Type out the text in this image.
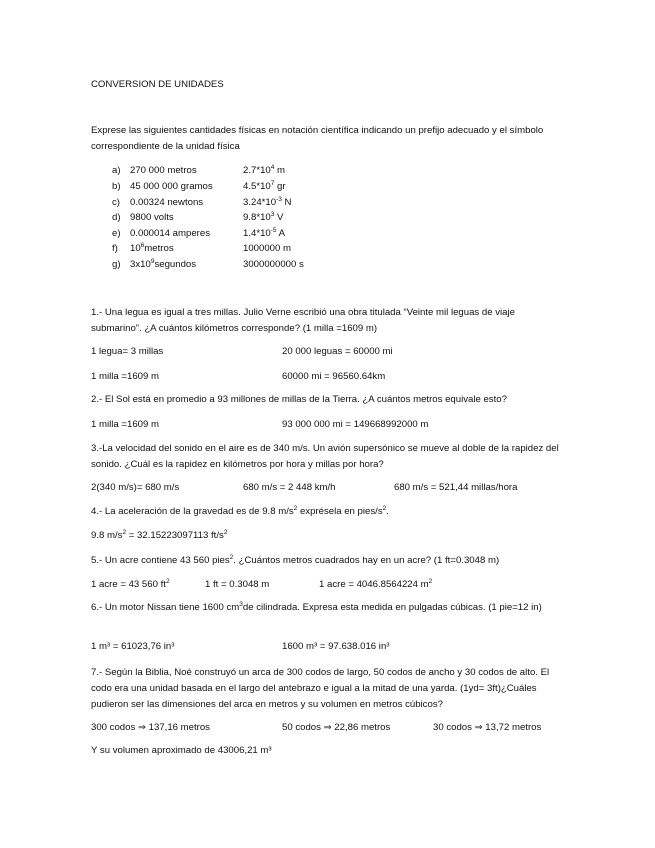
CONVERSION DE UNIDADES
Exprese las siguientes cantidades físicas en notación científica indicando un prefijo adecuado y el símbolo correspondiente de la unidad física
a) 270 000 metros	$2.7*10^4$ m
b) 45 000 000 gramos	$4.5*10^7$ gr
c) 0.00324 newtons	$3.24*10^{-3}$ N
d) 9800 volts	$9.8*10^3$ V
e) 0.000014 amperes	$1.4*10^{-5}$ A
f) $10^6metros$	1000000 m
g) $3x10^9segundos$	3000000000 s
1.- Una legua es igual a tres millas. Julio Verne escribió una obra titulada “Veinte mil leguas de viaje submarino”. ¿A cuántos kilómetros corresponde? (1 milla =1609 m)
1 legua= 3 millas	20 000 leguas = 60000 mi
1 milla =1609 m	60000 mi = 96560.64km
2.- El Sol está en promedio a 93 millones de millas de la Tierra. ¿A cuántos metros equivale esto?
1 milla =1609 m	93 000 000 mi = 149668992000 m
3.-La velocidad del sonido en el aire es de 340 m/s. Un avión supersónico se mueve al doble de la rapidez del sonido. ¿Cuál es la rapidez en kilómetros por hora y millas por hora?
2(340 m/s)= 680 m/s	680 m/s = 2 448 km/h	680 m/s = 521,44 millas/hora
4.- La aceleración de la gravedad es de 9.8 $m/s^2$ exprésela en pies/$s^2$.
9.8 $m/s^2 = 32.15223097113$ $ft/s^2$
5.- Un acre contiene 43 560 pies$^2$. ¿Cuántos metros cuadrados hay en un acre? (1 ft=0.3048 m)
1 acre = 43 560 $ft^2$	1 ft = 0.3048 m	1 acre = 4046.8564224 $m^2$
6.- Un motor Nissan tiene 1600 $cm^3de$ cilindrada. Expresa esta medida en pulgadas cúbicas. (1 pie=12 in)
1 m³ = 61023,76 in³	1600 m³ = 97.638.016 in³
7.- Según la Biblia, Noé construyó un arca de 300 codos de largo, 50 codos de ancho y 30 codos de alto. El codo era una unidad basada en el largo del antebrazo e igual a la mitad de una yarda. (1yd= 3ft)¿Cuáles pudieron ser las dimensiones del arca en metros y su volumen en metros cúbicos?
300 codos ⇒ 137,16 metros	50 codos ⇒ 22,86 metros	30 codos ⇒ 13,72 metros
Y su volumen aproximado de 43006,21 m³
